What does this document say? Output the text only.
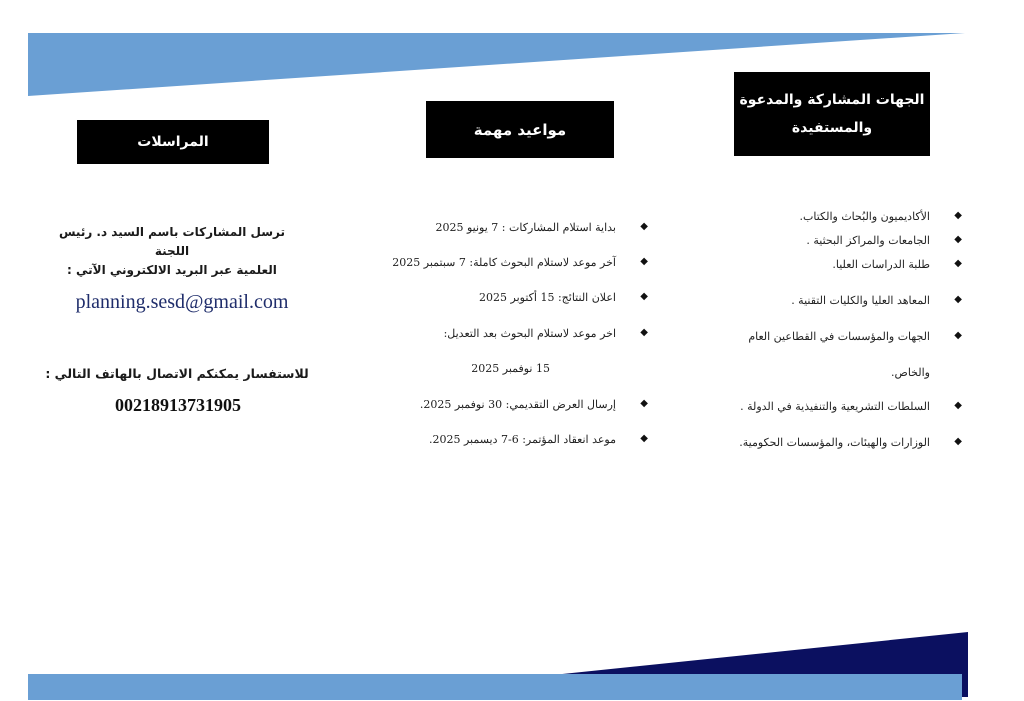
الجهات المشاركة والمدعوة
والمستفيدة
◆
الأكاديميون والبُحاث والكتاب.
◆
الجامعات والمراكز البحثية .
◆
طلبة الدراسات العليا.
◆
المعاهد العليا والكليات التقنية .
◆
الجهات والمؤسسات في القطاعين العام
◆
السلطات التشريعية والتنفيذية في الدولة .
◆
الوزارات والهيئات، والمؤسسات الحكومية.
والخاص.
مواعيد مهمة
◆
بداية استلام المشاركات : 7 يونيو 2025
◆
آخر موعد لاستلام البحوث كاملة: 7 سبتمبر 2025
◆
اعلان النتائج: 15 أكتوبر 2025
◆
اخر موعد لاستلام البحوث بعد التعديل:
◆
إرسال العرض التقديمي: 30 نوفمبر 2025.
◆
موعد انعقاد المؤتمر: 6-7 ديسمبر 2025.
15 نوفمبر 2025
المراسلات
ترسل المشاركات باسم السيد د. رئيس اللجنة
العلمية عبر البريد الالكتروني الآتي :
planning.sesd@gmail.com
للاستفسار يمكنكم الاتصال بالهاتف التالي :
00218913731905
